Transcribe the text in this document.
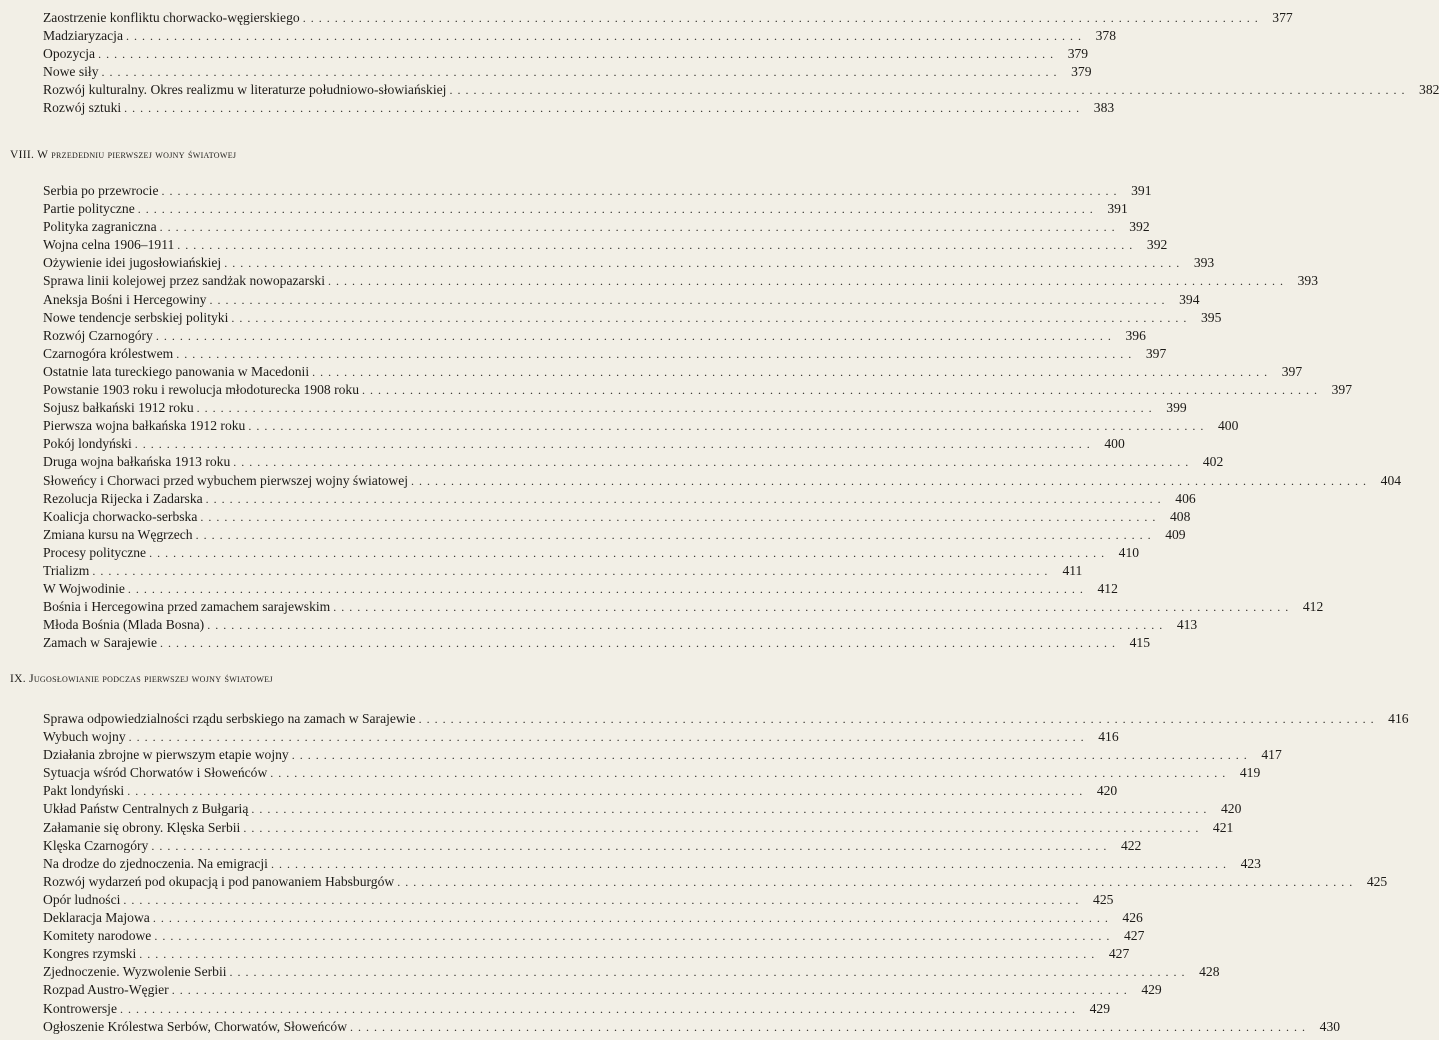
Zaostrzenie konfliktu chorwacko-węgierskiego ........................................................................................................................ 377
Madziaryzacja ........................................................................................................................ 378
Opozycja ........................................................................................................................ 379
Nowe siły ........................................................................................................................ 379
Rozwój kulturalny. Okres realizmu w literaturze południowo-słowiańskiej ........................................................................................................................ 382
Rozwój sztuki ........................................................................................................................ 383
VIII. W przededniu pierwszej wojny światowej
Serbia po przewrocie ........................................................................................................................ 391
Partie polityczne ........................................................................................................................ 391
Polityka zagraniczna ........................................................................................................................ 392
Wojna celna 1906–1911 ........................................................................................................................ 392
Ożywienie idei jugosłowiańskiej ........................................................................................................................ 393
Sprawa linii kolejowej przez sandżak nowopazarski ........................................................................................................................ 393
Aneksja Bośni i Hercegowiny ........................................................................................................................ 394
Nowe tendencje serbskiej polityki ........................................................................................................................ 395
Rozwój Czarnogóry ........................................................................................................................ 396
Czarnogóra królestwem ........................................................................................................................ 397
Ostatnie lata tureckiego panowania w Macedonii ........................................................................................................................ 397
Powstanie 1903 roku i rewolucja młodoturecka 1908 roku ........................................................................................................................ 397
Sojusz bałkański 1912 roku ........................................................................................................................ 399
Pierwsza wojna bałkańska 1912 roku ........................................................................................................................ 400
Pokój londyński ........................................................................................................................ 400
Druga wojna bałkańska 1913 roku ........................................................................................................................ 402
Słoweńcy i Chorwaci przed wybuchem pierwszej wojny światowej ........................................................................................................................ 404
Rezolucja Rijecka i Zadarska ........................................................................................................................ 406
Koalicja chorwacko-serbska ........................................................................................................................ 408
Zmiana kursu na Węgrzech ........................................................................................................................ 409
Procesy polityczne ........................................................................................................................ 410
Trializm ........................................................................................................................ 411
W Wojwodinie ........................................................................................................................ 412
Bośnia i Hercegowina przed zamachem sarajewskim ........................................................................................................................ 412
Młoda Bośnia (Mlada Bosna) ........................................................................................................................ 413
Zamach w Sarajewie ........................................................................................................................ 415
IX. Jugosłowianie podczas pierwszej wojny światowej
Sprawa odpowiedzialności rządu serbskiego na zamach w Sarajewie ........................................................................................................................ 416
Wybuch wojny ........................................................................................................................ 416
Działania zbrojne w pierwszym etapie wojny ........................................................................................................................ 417
Sytuacja wśród Chorwatów i Słoweńców ........................................................................................................................ 419
Pakt londyński ........................................................................................................................ 420
Układ Państw Centralnych z Bułgarią ........................................................................................................................ 420
Załamanie się obrony. Klęska Serbii ........................................................................................................................ 421
Klęska Czarnogóry ........................................................................................................................ 422
Na drodze do zjednoczenia. Na emigracji ........................................................................................................................ 423
Rozwój wydarzeń pod okupacją i pod panowaniem Habsburgów ........................................................................................................................ 425
Opór ludności ........................................................................................................................ 425
Deklaracja Majowa ........................................................................................................................ 426
Komitety narodowe ........................................................................................................................ 427
Kongres rzymski ........................................................................................................................ 427
Zjednoczenie. Wyzwolenie Serbii ........................................................................................................................ 428
Rozpad Austro-Węgier ........................................................................................................................ 429
Kontrowersje ........................................................................................................................ 429
Ogłoszenie Królestwa Serbów, Chorwatów, Słoweńców ........................................................................................................................ 430
